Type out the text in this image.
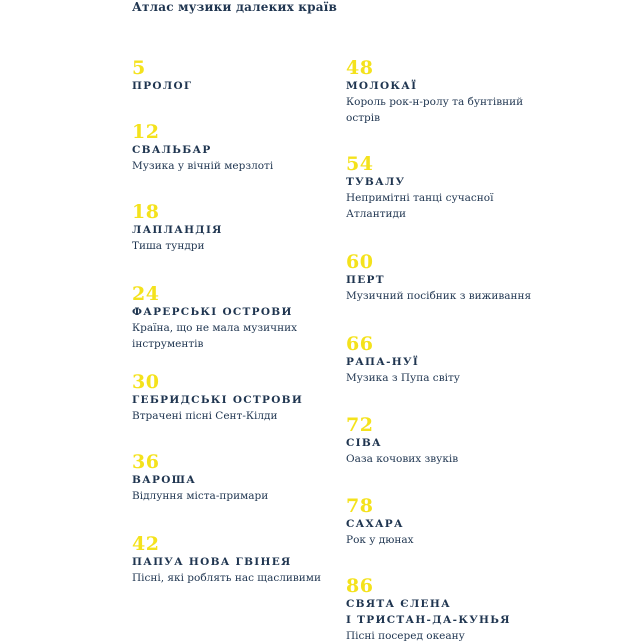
Атлас музики далеких країв
5
ПРОЛОГ
12
СВАЛЬБАР
Музика у вічній мерзлоті
18
ЛАПЛАНДІЯ
Тиша тундри
24
ФАРЕРСЬКІ ОСТРОВИ
Країна, що не мала музичних інструментів
30
ГЕБРИДСЬКІ ОСТРОВИ
Втрачені пісні Сент-Кілди
36
ВАРОША
Відлуння міста-примари
42
ПАПУА НОВА ГВІНЕЯ
Пісні, які роблять нас щасливими
48
МОЛОКАЇ
Король рок-н-ролу та бунтівний острів
54
ТУВАЛУ
Непримітні танці сучасної Атлантиди
60
ПЕРТ
Музичний посібник з виживання
66
РАПА-НУЇ
Музика з Пупа світу
72
СІВА
Оаза кочових звуків
78
САХАРА
Рок у дюнах
86
СВЯТА ЄЛЕНА
І ТРИСТАН-ДА-КУНЬЯ
Пісні посеред океану
